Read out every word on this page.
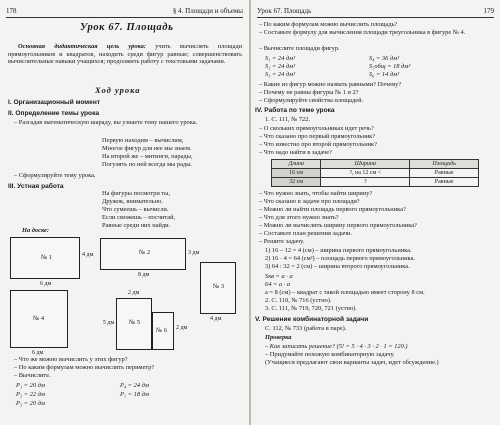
178	§ 4. Площади и объемы
Урок 67. Площадь
Основная дидактическая цель урока: учить вычислять площади прямоугольников и квадратов, находить среди фигур равные; совершенствовать вычислительные навыки учащихся; продолжить работу с текстовыми задачами.
Ход урока
I. Организационный момент
II. Определение темы урока
– Разгадав математическую шараду, вы узнаете тему нашего урока.
Первую находим – вычислим,
Многое фигур для нее мы знаем.
На второй же – митинги, парады,
Погулять по ней всегда мы рады.
– Сформулируйте тему урока.
III. Устная работа
На фигуры посмотри ты,
Дружок, внимательно.
Что сумеешь – вычисли.
Если сможешь – посчитай,
Равные среди них найди.
На доске:
№ 1
6 дм
4 дм	№ 2
8 дм
3 дм
№ 3
4 дм
№ 4
6 дм
№ 5
2 дм
5 дм
№ 6 2 дм
– Что же можно вычислить у этих фигур?
– По каким формулам можно вычислить периметр?
– Вычислите.
P₁ = 20 дм
P₂ = 22 дм
P₃ = 20 дм
P₄ = 24 дм
P₅ = 18 дм
Урок 67. Площадь	179
– По каким формулам можно вычислить площадь?
– Составьте формулу для вычисления площади треугольника в фигуре № 4.
– Вычислите площади фигур.
S₁ = 24 дм²
S₂ = 24 дм²
S₃ = 24 дм²
S₄ = 36 дм²
S₅общ = 18 дм²
S₆ = 14 дм²
– Какие из фигур можно назвать равными? Почему?
– Почему не равны фигуры № 1 и 2?
– Сформулируйте свойства площадей.
IV. Работа по теме урока
1. С. 111, № 722.
– О скольких прямоугольниках идет речь?
– Что сказано про первый прямоугольник?
– Что известно про второй прямоугольник?
– Что надо найти в задаче?
Длина	Ширина	Площадь
16 см	?, на 12 см <	Равные
32 см	?	Равные
– Что нужно знать, чтобы найти ширину?
– Что сказано в задаче про площади?
– Можно ли найти площадь первого прямоугольника?
– Что для этого нужно знать?
– Можно ли вычислить ширину первого прямоугольника?
– Составьте план решения задачи.
– Решите задачу.
1) 16 – 12 = 4 (см) – ширина первого прямоугольника.
2) 16 · 4 = 64 (см²) – площадь первого прямоугольника.
3) 64 : 32 = 2 (см) – ширина второго прямоугольника.
Sкв = a · a
64 = a · a
a = 8 (см) – квадрат с такой площадью имеет сторону 8 см.
2. С. 110, № 716 (устно).
3. С. 111, № 719, 720, 721 (устно).
V. Решение комбинаторной задачи
С. 112, № 733 (работа в паре).
Проверка
– Как записать решение? (5! = 5 · 4 · 3 · 2 · 1 = 120.)
– Придумайте похожую комбинаторную задачу.
(Учащиеся предлагают свои варианты задач, идет обсуждение.)
